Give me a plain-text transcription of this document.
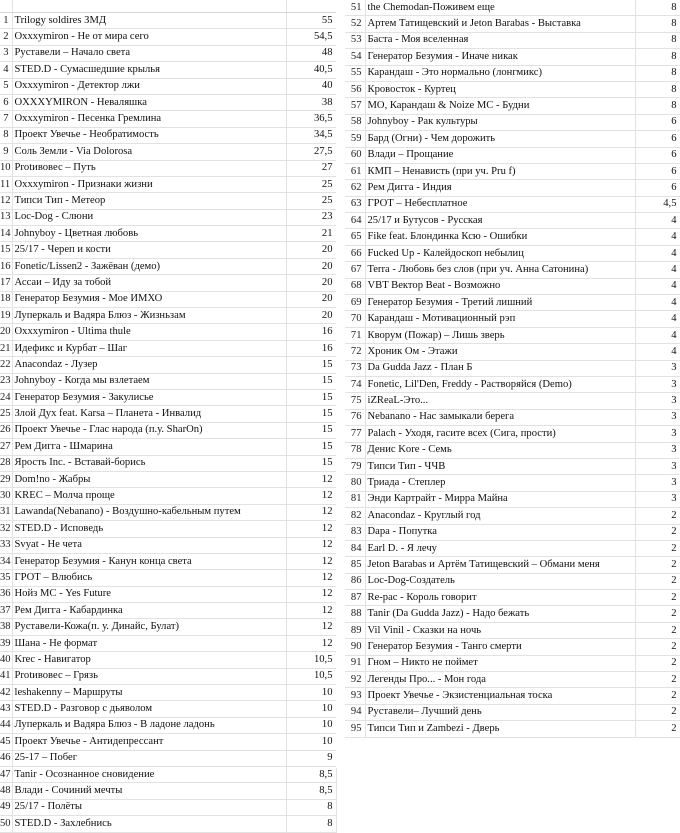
1	Trilogy soldires ЗМД	55
2	Oxxxymiron - Не от мира сего	54,5
3	Руставели – Начало света	48
4	STED.D - Сумасшедшие крылья	40,5
5	Oxxxymiron - Детектор лжи	40
6	OXXXYMIRON - Неваляшка	38
7	Oxxxymiron - Песенка Гремлина	36,5
8	Проект Увечье - Необратимость	34,5
9	Соль Земли - Via Dolorosa	27,5
10	Protивовес – Путь	27
11	Oxxxymiron - Признаки жизни	25
12	Типси Тип - Метеор	25
13	Loc-Dog - Слюни	23
14	Johnyboy - Цветная любовь	21
15	25/17 - Череп и кости	20
16	Fonetic/Lissen2 - Зажёван (демо)	20
17	Ассаи – Иду за тобой	20
18	Генератор Безумия - Мое ИМХО	20
19	Луперкаль и Вадяра Блюз - Жизньзам	20
20	Oxxxymiron - Ultima thule	16
21	Идефикс и Курбат – Шаг	16
22	Anacondaz - Лузер	15
23	Johnyboy - Когда мы взлетаем	15
24	Генератор Безумия - Закулисье	15
25	Злой Дух feat. Karsa – Планета - Инвалид	15
26	Проект Увечье - Глас народа (п.у. SharOn)	15
27	Рем Дигга - Шмарина	15
28	Ярость Inc. - Вставай-борись	15
29	Dom!no - Жабры	12
30	KREC – Молча проще	12
31	Lawanda(Nebanano) - Воздушно-кабельным путем	12
32	STED.D - Исповедь	12
33	Svyat - Не чета	12
34	Генератор Безумия - Канун конца света	12
35	ГРОТ – Влюбись	12
36	Нойз МС - Yes Future	12
37	Рем Дигга - Кабардинка	12
38	Руставели-Кожа(п. у. Динайс, Булат)	12
39	Шана - Не формат	12
40	Krec - Навигатор	10,5
41	Protивовес – Грязь	10,5
42	leshakenny – Маршруты	10
43	STED.D - Разговор с дьяволом	10
44	Луперкаль и Вадяра Блюз - В ладоне ладонь	10
45	Проект Увечье - Антидепрессант	10
46	25-17 – Побег	9
47	Tanir - Осознанное сновидение	8,5
48	Влади - Сочиний мечты	8,5
49	25/17 - Полёты	8
50	STED.D - Захлебнись	8
51	the Chemodan-Поживем еще	8
52	Артем Татищевский и Jeton Barabas - Выставка	8
53	Баста - Моя вселенная	8
54	Генератор Безумия - Иначе никак	8
55	Карандаш - Это нормально (лонгмикс)	8
56	Кровосток - Куртец	8
57	MO, Карандаш & Noize MC - Будни	8
58	Johnyboy - Рак культуры	6
59	Бард (Огни) - Чем дорожить	6
60	Влади – Прощание	6
61	КМП – Ненависть (при уч. Pru f)	6
62	Рем Дигга - Индия	6
63	ГРОТ – Небесплатное	4,5
64	25/17 и Бутусов - Русская	4
65	Fike feat. Блондинка Ксю - Ошибки	4
66	Fucked Up - Калейдоскоп небылиц	4
67	Terra - Любовь без слов (при уч. Анна Сатонина)	4
68	VBT Вектор Beat - Возможно	4
69	Генератор Безумия - Третий лишний	4
70	Карандаш - Мотивационный рэп	4
71	Кворум (Пожар) – Лишь зверь	4
72	Хроник Ом - Этажи	4
73	Da Gudda Jazz - План Б	3
74	Fonetic, Lil'Den, Freddy - Растворяйся (Demo)	3
75	iZReaL-Это...	3
76	Nebanano - Нас замыкали берега	3
77	Palach - Уходя, гасите всех (Сига, прости)	3
78	Денис Kore - Семь	3
79	Типси Тип - ЧЧВ	3
80	Триада - Степлер	3
81	Энди Картрайт - Мирра Майна	3
82	Anacondaz - Круглый год	2
83	Dapa - Попутка	2
84	Earl D. - Я лечу	2
85	Jeton Barabas и Артём Татищевский – Обмани меня	2
86	Loc-Dog-Создатель	2
87	Re-pac - Король говорит	2
88	Tanir (Da Gudda Jazz) - Надо бежать	2
89	Vil Vinil - Сказки на ночь	2
90	Генератор Безумия - Танго смерти	2
91	Гном – Никто не поймет	2
92	Легенды Про... - Мон года	2
93	Проект Увечье - Экзистенциальная тоска	2
94	Руставели– Лучший день	2
95	Типси Тип и Zambezi - Дверь	2
